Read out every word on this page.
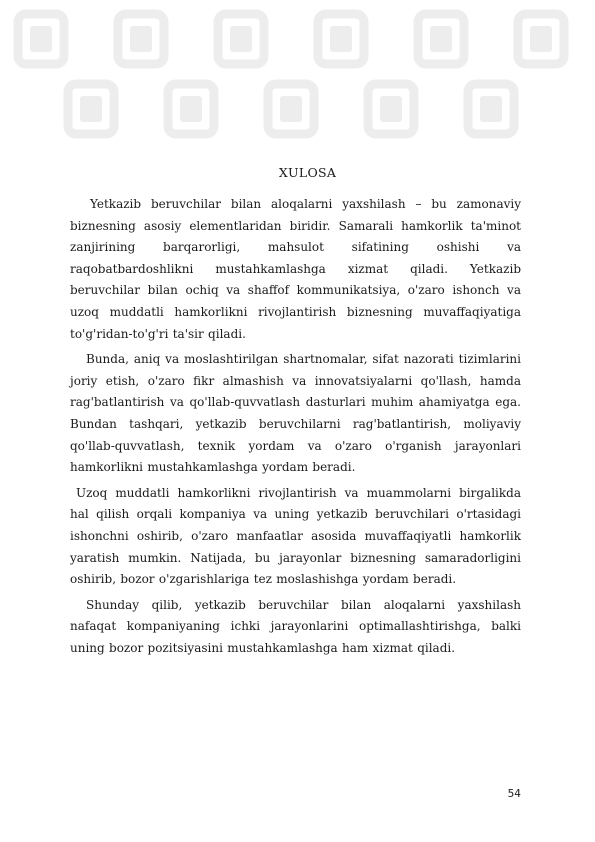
XULOSA

Yetkazib beruvchilar bilan aloqalarni yaxshilash – bu zamonaviy biznesning asosiy elementlaridan biridir. Samarali hamkorlik ta'minot zanjirining barqarorligi, mahsulot sifatining oshishi va raqobatbardoshlikni mustahkamlashga xizmat qiladi. Yetkazib beruvchilar bilan ochiq va shaffof kommunikatsiya, o'zaro ishonch va uzoq muddatli hamkorlikni rivojlantirish biznesning muvaffaqiyatiga to'g'ridan-to'g'ri ta'sir qiladi.

Bunda, aniq va moslashtirilgan shartnomalar, sifat nazorati tizimlarini joriy etish, o'zaro fikr almashish va innovatsiyalarni qo'llash, hamda rag'batlantirish va qo'llab-quvvatlash dasturlari muhim ahamiyatga ega. Bundan tashqari, yetkazib beruvchilarni rag'batlantirish, moliyaviy qo'llab-quvvatlash, texnik yordam va o'zaro o'rganish jarayonlari hamkorlikni mustahkamlashga yordam beradi.

Uzoq muddatli hamkorlikni rivojlantirish va muammolarni birgalikda hal qilish orqali kompaniya va uning yetkazib beruvchilari o'rtasidagi ishonchni oshirib, o'zaro manfaatlar asosida muvaffaqiyatli hamkorlik yaratish mumkin. Natijada, bu jarayonlar biznesning samaradorligini oshirib, bozor o'zgarishlariga tez moslashishga yordam beradi.

Shunday qilib, yetkazib beruvchilar bilan aloqalarni yaxshilash nafaqat kompaniyaning ichki jarayonlarini optimallashtirishga, balki uning bozor pozitsiyasini mustahkamlashga ham xizmat qiladi.

54
